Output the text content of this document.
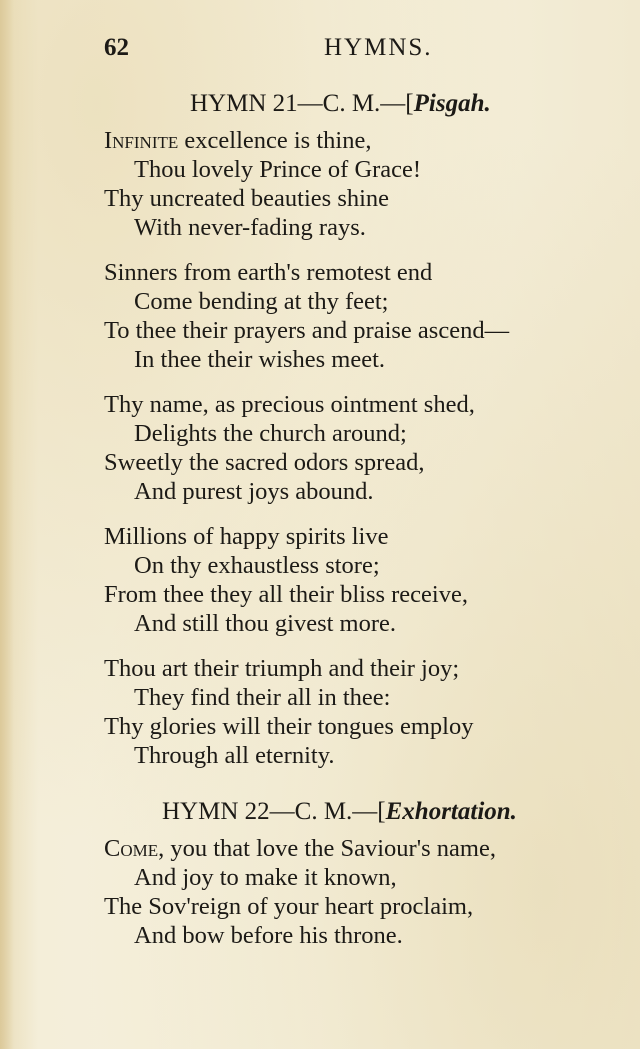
62	HYMNS.
HYMN 21—C. M.—[Pisgah.
Infinite excellence is thine,
Thou lovely Prince of Grace!
Thy uncreated beauties shine
With never-fading rays.
Sinners from earth's remotest end
Come bending at thy feet;
To thee their prayers and praise ascend—
In thee their wishes meet.
Thy name, as precious ointment shed,
Delights the church around;
Sweetly the sacred odors spread,
And purest joys abound.
Millions of happy spirits live
On thy exhaustless store;
From thee they all their bliss receive,
And still thou givest more.
Thou art their triumph and their joy;
They find their all in thee:
Thy glories will their tongues employ
Through all eternity.
HYMN 22—C. M.—[Exhortation.
Come, you that love the Saviour's name,
And joy to make it known,
The Sov'reign of your heart proclaim,
And bow before his throne.
